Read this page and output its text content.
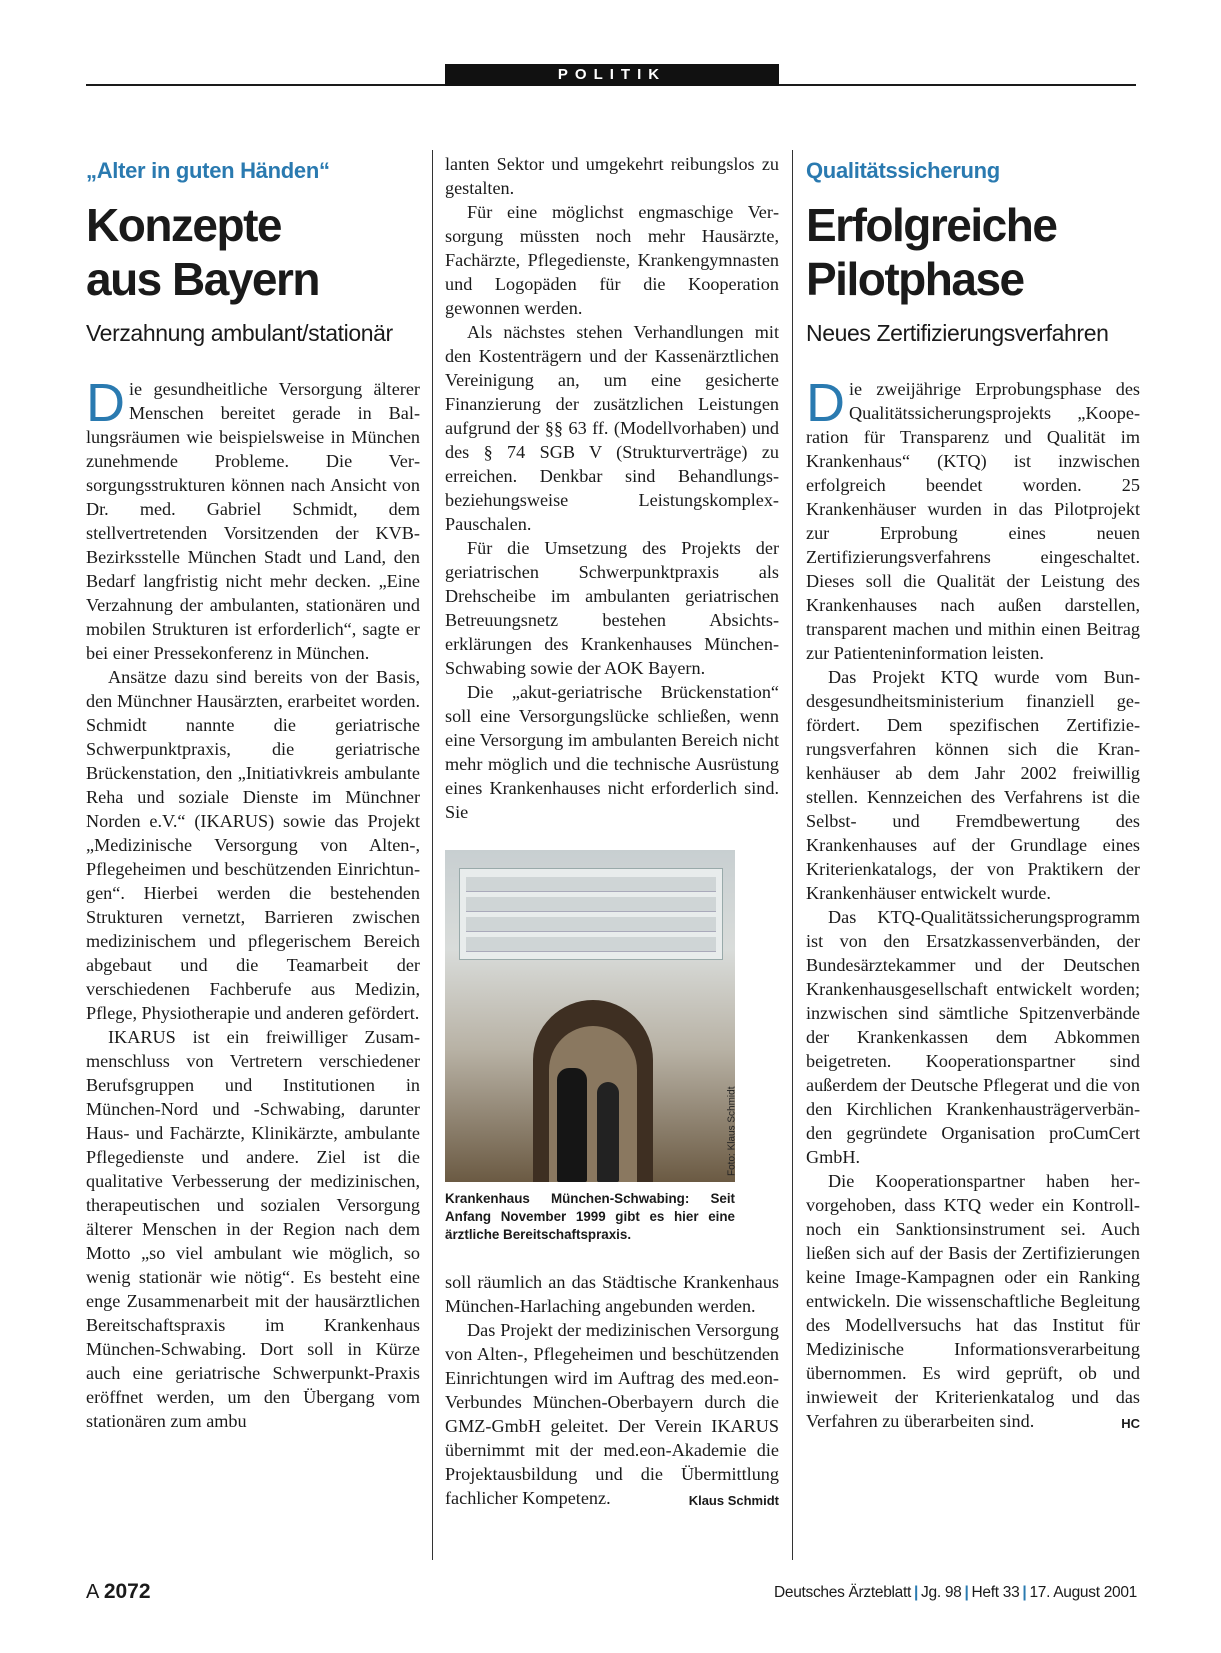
POLITIK
„Alter in guten Händen“
Konzepte
aus Bayern
Verzahnung ambulant/stationär

Die gesundheitliche Versorgung älterer Menschen bereitet gerade in Ballungsräumen wie beispielsweise in München zunehmende Probleme. Die Versorgungsstrukturen können nach Ansicht von Dr. med. Gabriel Schmidt, dem stellvertretenden Vorsitzenden der KVB-Bezirksstelle München Stadt und Land, den Bedarf langfristig nicht mehr decken. „Eine Verzahnung der ambulanten, stationären und mobilen Strukturen ist erforderlich“, sagte er bei einer Pressekonferenz in München.

Ansätze dazu sind bereits von der Basis, den Münchner Hausärzten, erarbeitet worden. Schmidt nannte die geriatrische Schwerpunktpraxis, die geriatrische Brückenstation, den „Initiativkreis ambulante Reha und soziale Dienste im Münchner Norden e.V.“ (IKARUS) sowie das Projekt „Medizinische Versorgung von Alten-, Pflegeheimen und beschützenden Einrichtungen“. Hierbei werden die bestehenden Strukturen vernetzt, Barrieren zwischen medizinischem und pflegerischem Bereich abgebaut und die Teamarbeit der verschiedenen Fachberufe aus Medizin, Pflege, Physiotherapie und anderen gefördert.

IKARUS ist ein freiwilliger Zusammenschluss von Vertretern verschiedener Berufsgruppen und Institutionen in München-Nord und -Schwabing, darunter Haus- und Fachärzte, Klinikärzte, ambulante Pflegedienste und andere. Ziel ist die qualitative Verbesserung der medizinischen, therapeutischen und sozialen Versorgung älterer Menschen in der Region nach dem Motto „so viel ambulant wie möglich, so wenig stationär wie nötig“. Es besteht eine enge Zusammenarbeit mit der hausärztlichen Bereitschaftspraxis im Krankenhaus München-Schwabing. Dort soll in Kürze auch eine geriatrische Schwerpunkt-Praxis eröffnet werden, um den Übergang vom stationären zum ambu

lanten Sektor und umgekehrt reibungslos zu gestalten.

Für eine möglichst engmaschige Versorgung müssten noch mehr Hausärzte, Fachärzte, Pflegedienste, Krankengymnasten und Logopäden für die Kooperation gewonnen werden.

Als nächstes stehen Verhandlungen mit den Kostenträgern und der Kassenärztlichen Vereinigung an, um eine gesicherte Finanzierung der zusätzlichen Leistungen aufgrund der §§ 63 ff. (Modellvorhaben) und des § 74 SGB V (Strukturverträge) zu erreichen. Denkbar sind Behandlungs- beziehungsweise Leistungskomplex-Pauschalen.

Für die Umsetzung des Projekts der geriatrischen Schwerpunktpraxis als Drehscheibe im ambulanten geriatrischen Betreuungsnetz bestehen Absichtserklärungen des Krankenhauses München-Schwabing sowie der AOK Bayern.

Die „akut-geriatrische Brückenstation“ soll eine Versorgungslücke schließen, wenn eine Versorgung im ambulanten Bereich nicht mehr möglich und die technische Ausrüstung eines Krankenhauses nicht erforderlich sind. Sie

Foto: Klaus Schmidt
Krankenhaus München-Schwabing: Seit Anfang November 1999 gibt es hier eine ärztliche Bereitschaftspraxis.

soll räumlich an das Städtische Krankenhaus München-Harlaching angebunden werden.

Das Projekt der medizinischen Versorgung von Alten-, Pflegeheimen und beschützenden Einrichtungen wird im Auftrag des med.eon-Verbundes München-Oberbayern durch die GMZ-GmbH geleitet. Der Verein IKARUS übernimmt mit der med.eon-Akademie die Projektausbildung und die Übermittlung fachlicher Kompetenz.	Klaus Schmidt

Qualitätssicherung
Erfolgreiche
Pilotphase
Neues Zertifizierungsverfahren

Die zweijährige Erprobungsphase des Qualitätssicherungsprojekts „Kooperation für Transparenz und Qualität im Krankenhaus“ (KTQ) ist inzwischen erfolgreich beendet worden. 25 Krankenhäuser wurden in das Pilotprojekt zur Erprobung eines neuen Zertifizierungsverfahrens eingeschaltet. Dieses soll die Qualität der Leistung des Krankenhauses nach außen darstellen, transparent machen und mithin einen Beitrag zur Patienteninformation leisten.

Das Projekt KTQ wurde vom Bundesgesundheitsministerium finanziell gefördert. Dem spezifischen Zertifizierungsverfahren können sich die Krankenhäuser ab dem Jahr 2002 freiwillig stellen. Kennzeichen des Verfahrens ist die Selbst- und Fremdbewertung des Krankenhauses auf der Grundlage eines Kriterienkatalogs, der von Praktikern der Krankenhäuser entwickelt wurde.

Das KTQ-Qualitätssicherungsprogramm ist von den Ersatzkassenverbänden, der Bundesärztekammer und der Deutschen Krankenhausgesellschaft entwickelt worden; inzwischen sind sämtliche Spitzenverbände der Krankenkassen dem Abkommen beigetreten. Kooperationspartner sind außerdem der Deutsche Pflegerat und die von den Kirchlichen Krankenhausträgerverbänden gegründete Organisation proCumCert GmbH.

Die Kooperationspartner haben hervorgehoben, dass KTQ weder ein Kontroll- noch ein Sanktionsinstrument sei. Auch ließen sich auf der Basis der Zertifizierungen keine Image-Kampagnen oder ein Ranking entwickeln. Die wissenschaftliche Begleitung des Modellversuchs hat das Institut für Medizinische Informationsverarbeitung übernommen. Es wird geprüft, ob und inwieweit der Kriterienkatalog und das Verfahren zu überarbeiten sind.	HC

A 2072	Deutsches Ärzteblatt | Jg. 98 | Heft 33 | 17. August 2001
